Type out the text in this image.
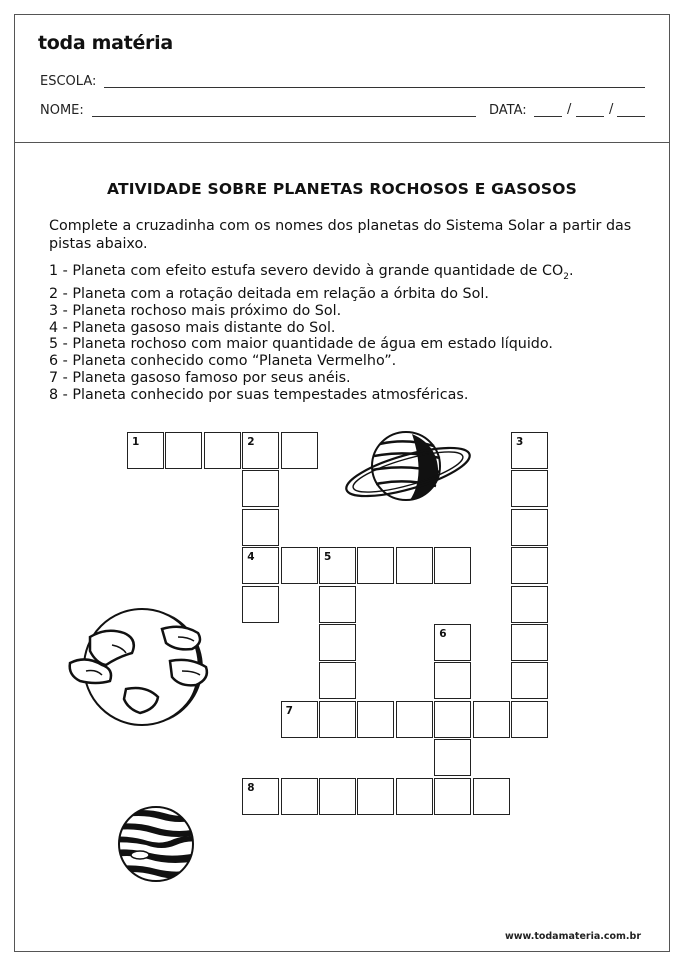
toda matéria
ESCOLA:
NOME:	DATA:	/	/
ATIVIDADE SOBRE PLANETAS ROCHOSOS E GASOSOS
Complete a cruzadinha com os nomes dos planetas do Sistema Solar a partir das pistas abaixo.
1 - Planeta com efeito estufa severo devido à grande quantidade de $CO_2$.
2 - Planeta com a rotação deitada em relação a órbita do Sol.
3 - Planeta rochoso mais próximo do Sol.
4 - Planeta gasoso mais distante do Sol.
5 - Planeta rochoso com maior quantidade de água em estado líquido.
6 - Planeta conhecido como “Planeta Vermelho”.
7 - Planeta gasoso famoso por seus anéis.
8 - Planeta conhecido por suas tempestades atmosféricas.
1	2
4
3
5
6
7
8
www.todamateria.com.br
